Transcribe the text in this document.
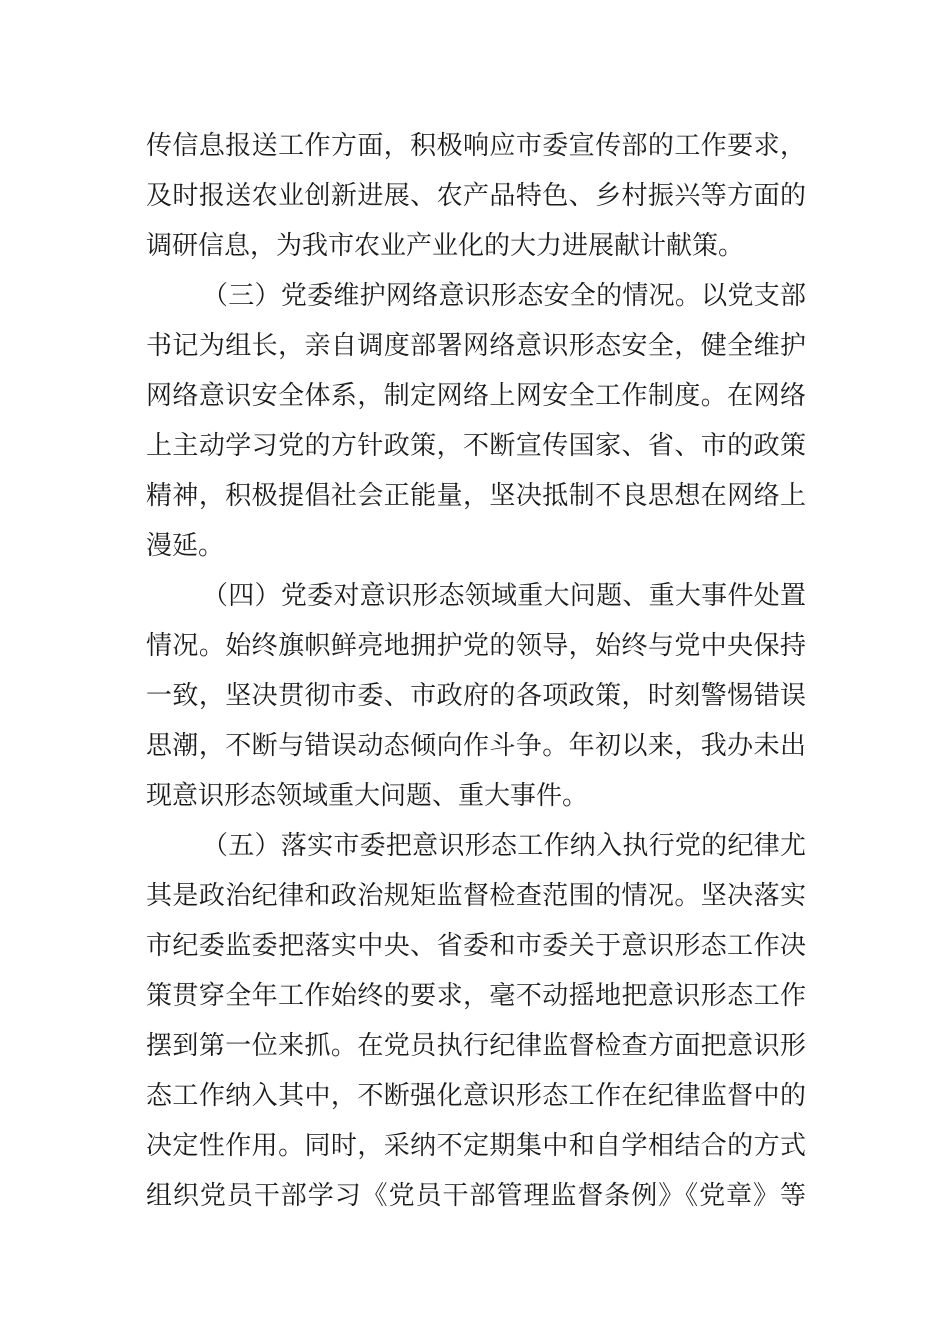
传信息报送工作方面，积极响应市委宣传部的工作要求，
及时报送农业创新进展、农产品特色、乡村振兴等方面的
调研信息，为我市农业产业化的大力进展献计献策。
（三）党委维护网络意识形态安全的情况。以党支部
书记为组长，亲自调度部署网络意识形态安全，健全维护
网络意识安全体系，制定网络上网安全工作制度。在网络
上主动学习党的方针政策，不断宣传国家、省、市的政策
精神，积极提倡社会正能量，坚决抵制不良思想在网络上
漫延。
（四）党委对意识形态领域重大问题、重大事件处置
情况。始终旗帜鲜亮地拥护党的领导，始终与党中央保持
一致，坚决贯彻市委、市政府的各项政策，时刻警惕错误
思潮，不断与错误动态倾向作斗争。年初以来，我办未出
现意识形态领域重大问题、重大事件。
（五）落实市委把意识形态工作纳入执行党的纪律尤
其是政治纪律和政治规矩监督检查范围的情况。坚决落实
市纪委监委把落实中央、省委和市委关于意识形态工作决
策贯穿全年工作始终的要求，毫不动摇地把意识形态工作
摆到第一位来抓。在党员执行纪律监督检查方面把意识形
态工作纳入其中，不断强化意识形态工作在纪律监督中的
决定性作用。同时，采纳不定期集中和自学相结合的方式
组织党员干部学习《党员干部管理监督条例》《党章》等
